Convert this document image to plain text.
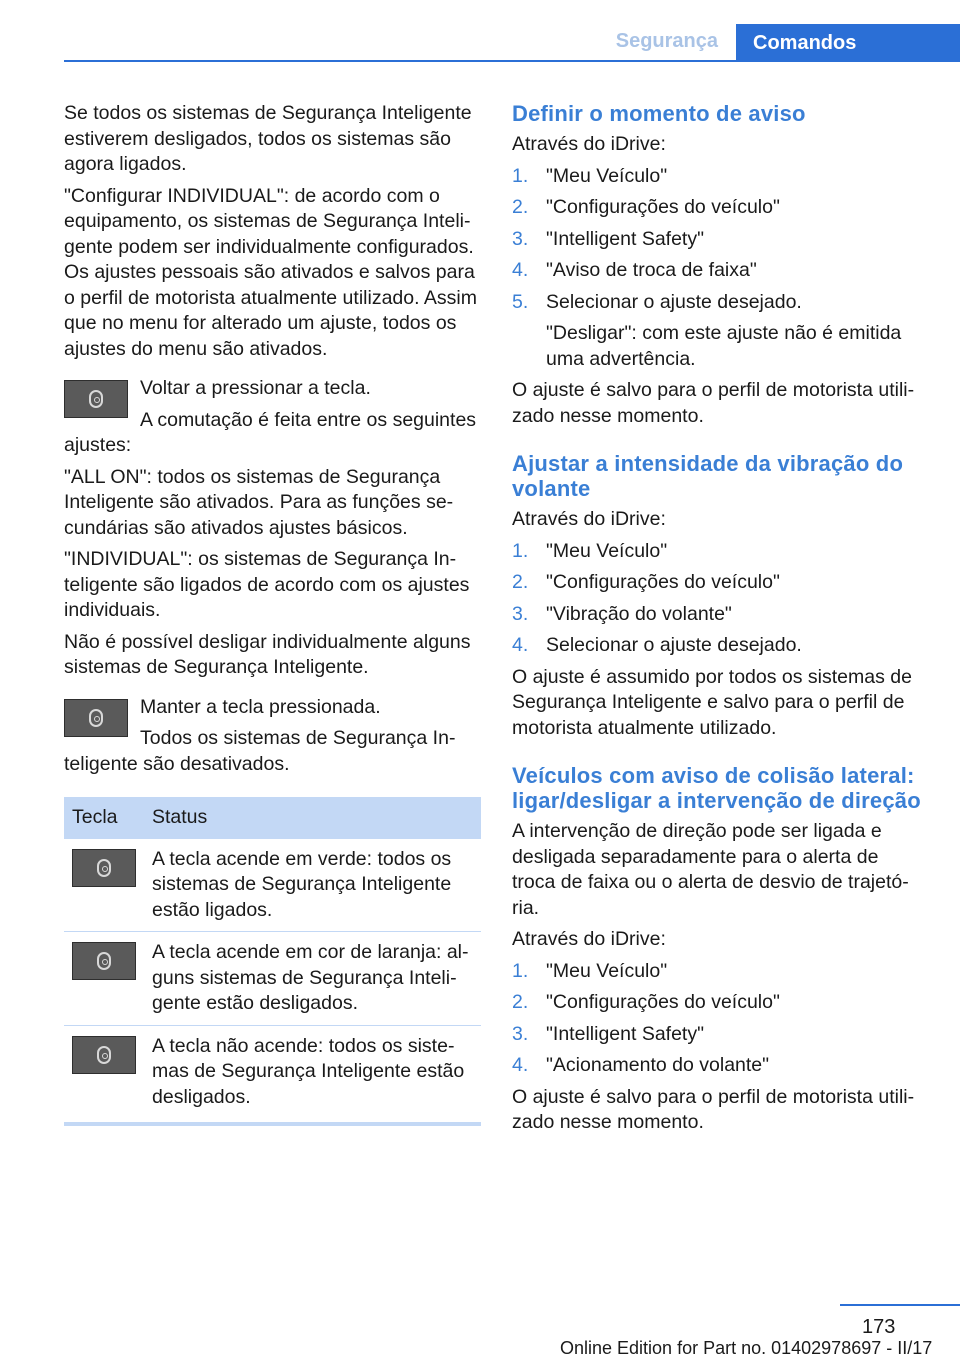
Segurança Comandos

Se todos os sistemas de Segurança Inteligente estiverem desligados, todos os sistemas são agora ligados.

"Configurar INDIVIDUAL": de acordo com o equipamento, os sistemas de Segurança Inteligente podem ser individualmente configurados. Os ajustes pessoais são ativados e salvos para o perfil de motorista atualmente utilizado. Assim que no menu for alterado um ajuste, todos os ajustes do menu são ativados.

Voltar a pressionar a tecla.

A comutação é feita entre os seguintes ajustes:

"ALL ON": todos os sistemas de Segurança Inteligente são ativados. Para as funções secundárias são ativados ajustes básicos.

"INDIVIDUAL": os sistemas de Segurança Inteligente são ligados de acordo com os ajustes individuais.

Não é possível desligar individualmente alguns sistemas de Segurança Inteligente.

Manter a tecla pressionada.

Todos os sistemas de Segurança Inteligente são desativados.

Tecla	Status

	A tecla acende em verde: todos os sistemas de Segurança Inteligente estão ligados.

	A tecla acende em cor de laranja: alguns sistemas de Segurança Inteligente estão desligados.

	A tecla não acende: todos os sistemas de Segurança Inteligente estão desligados.
Definir o momento de aviso

Através do iDrive:

1. "Meu Veículo"
2. "Configurações do veículo"
3. "Intelligent Safety"
4. "Aviso de troca de faixa"
5. Selecionar o ajuste desejado.
"Desligar": com este ajuste não é emitida uma advertência.

O ajuste é salvo para o perfil de motorista utilizado nesse momento.

Ajustar a intensidade da vibração do volante

Através do iDrive:

1. "Meu Veículo"
2. "Configurações do veículo"
3. "Vibração do volante"
4. Selecionar o ajuste desejado.

O ajuste é assumido por todos os sistemas de Segurança Inteligente e salvo para o perfil de motorista atualmente utilizado.

Veículos com aviso de colisão lateral: ligar/desligar a intervenção de direção

A intervenção de direção pode ser ligada e desligada separadamente para o alerta de troca de faixa ou o alerta de desvio de trajetória.

Através do iDrive:

1. "Meu Veículo"
2. "Configurações do veículo"
3. "Intelligent Safety"
4. "Acionamento do volante"

O ajuste é salvo para o perfil de motorista utilizado nesse momento.

173
Online Edition for Part no. 01402978697 - II/17
